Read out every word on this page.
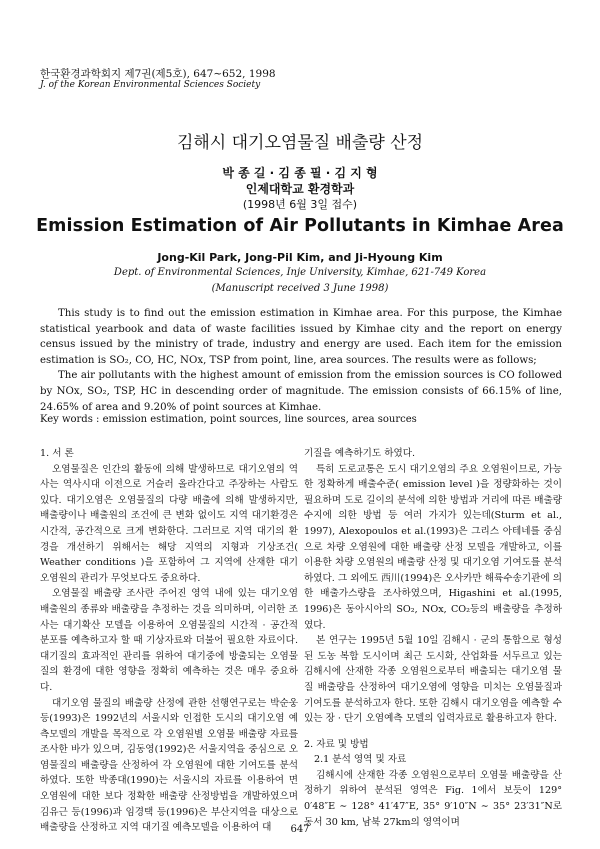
한국환경과학회지 제7권(제5호), 647∼652, 1998
J. of the Korean Environmental Sciences Society
김해시 대기오염물질 배출량 산정
박 종 길 · 김 종 필 · 김 지 형
인제대학교 환경학과
(1998년 6월 3일 접수)
Emission Estimation of Air Pollutants in Kimhae Area
Jong-Kil Park, Jong-Pil Kim, and Ji-Hyoung Kim
Dept. of Environmental Sciences, Inje University, Kimhae, 621-749 Korea
(Manuscript received 3 June 1998)

This study is to find out the emission estimation in Kimhae area. For this purpose, the Kimhae statistical yearbook and data of waste facilities issued by Kimhae city and the report on energy census issued by the ministry of trade, industry and energy are used. Each item for the emission estimation is SO₂, CO, HC, NOx, TSP from point, line, area sources. The results were as follows;

The air pollutants with the highest amount of emission from the emission sources is CO followed by NOx, SO₂, TSP, HC in descending order of magnitude. The emission consists of 66.15% of line, 24.65% of area and 9.20% of point sources at Kimhae.

Key words : emission estimation, point sources, line sources, area sources

1. 서 론

오염물질은 인간의 활동에 의해 발생하므로 대기오염의 역사는 역사시대 이전으로 거슬러 올라간다고 주장하는 사람도 있다. 대기오염은 오염물질의 다량 배출에 의해 발생하지만, 배출량이나 배출원의 조건에 큰 변화 없이도 지역 대기환경은 시간적, 공간적으로 크게 변화한다. 그러므로 지역 대기의 환경을 개선하기 위해서는 해당 지역의 지형과 기상조건( Weather conditions )을 포함하여 그 지역에 산재한 대기 오염원의 관리가 무엇보다도 중요하다.

오염물질 배출량 조사란 주어진 영역 내에 있는 대기오염 배출원의 종류와 배출량을 추정하는 것을 의미하며, 이러한 조사는 대기확산 모델을 이용하여 오염물질의 시간적 · 공간적 분포를 예측하고자 할 때 기상자료와 더불어 필요한 자료이다. 대기질의 효과적인 관리를 위하여 대기중에 방출되는 오염물질의 환경에 대한 영향을 정확히 예측하는 것은 매우 중요하다.

대기오염 물질의 배출량 산정에 관한 선행연구로는 박순웅 등(1993)은 1992년의 서울시와 인접한 도시의 대기오염 예측모델의 개발을 목적으로 각 오염원별 오염물 배출량 자료를 조사한 바가 있으며, 김동영(1992)은 서울지역을 중심으로 오염물질의 배출량을 산정하여 각 오염원에 대한 기여도를 분석하였다. 또한 박종대(1990)는 서울시의 자료를 이용하여 면 오염원에 대한 보다 정확한 배출량 산정방법을 개발하였으며 김유근 등(1996)과 임경택 등(1996)은 부산지역을 대상으로 배출량을 산정하고 지역 대기질 예측모델을 이용하여 대

기질을 예측하기도 하였다.

특히 도로교통은 도시 대기오염의 주요 오염원이므로, 가능한 정확하게 배출수준( emission level )을 정량화하는 것이 필요하며 도로 길이의 분석에 의한 방법과 거리에 따른 배출량 수지에 의한 방법 등 여러 가지가 있는데(Sturm et al., 1997), Alexopoulos et al.(1993)은 그리스 아테네를 중심으로 차량 오염원에 대한 배출량 산정 모델을 개발하고, 이를 이용한 차량 오염원의 배출량 산정 및 대기오염 기여도를 분석하였다. 그 외에도 西川(1994)은 오사카만 해륙수송기관에 의한 배출가스량을 조사하였으며, Higashini et al.(1995, 1996)은 동아시아의 SO₂, NOx, CO₂등의 배출량을 추정하였다.

본 연구는 1995년 5월 10일 김해시 · 군의 통합으로 형성된 도농 복합 도시이며 최근 도시화, 산업화를 서두르고 있는 김해시에 산재한 각종 오염원으로부터 배출되는 대기오염 물질 배출량을 산정하여 대기오염에 영향을 미치는 오염물질과 기여도를 분석하고자 한다. 또한 김해시 대기오염을 예측할 수 있는 장 · 단기 오염예측 모델의 입력자료로 활용하고자 한다.

2. 자료 및 방법

2.1 분석 영역 및 자료

김해시에 산재한 각종 오염원으로부터 오염물 배출량을 산정하기 위하여 분석된 영역은 Fig. 1에서 보듯이 129° 0′48″E ∼ 128° 41′47″E, 35° 9′10″N ∼ 35° 23′31″N로 동서 30 km, 남북 27km의 영역이며

647
